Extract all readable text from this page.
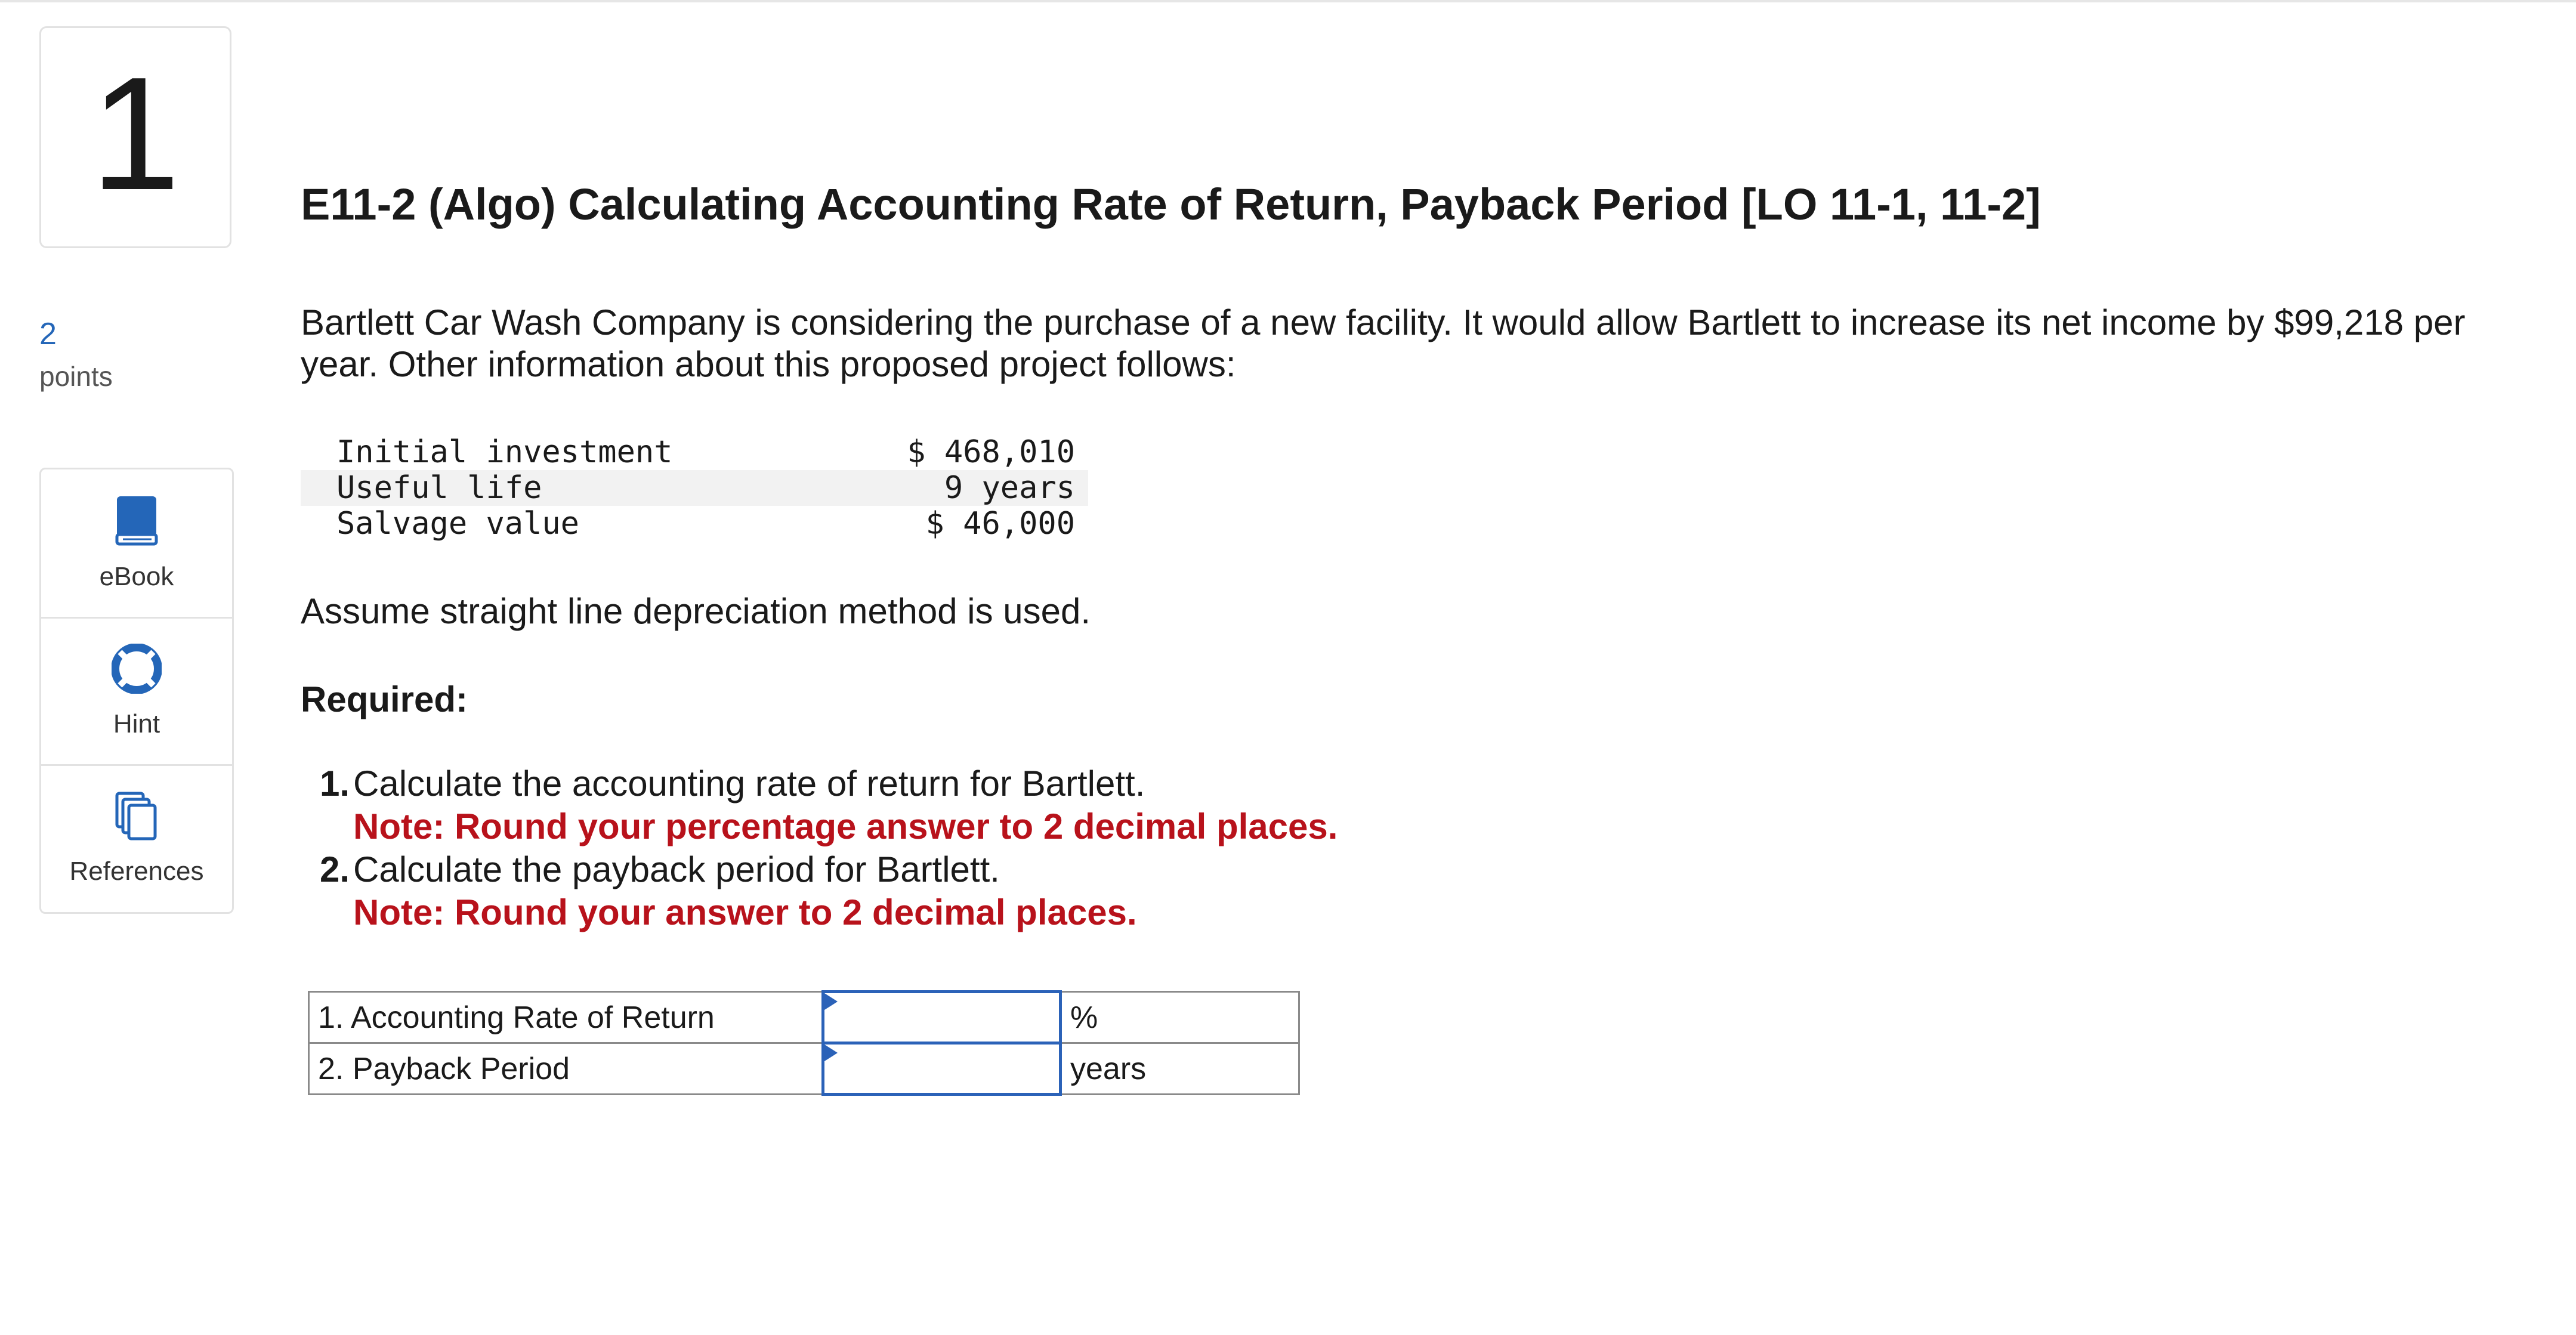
1
2
points
eBook
Hint
References
E11-2 (Algo) Calculating Accounting Rate of Return, Payback Period [LO 11-1, 11-2]
Bartlett Car Wash Company is considering the purchase of a new facility. It would allow Bartlett to increase its net income by $99,218 per year. Other information about this proposed project follows:
Initial investment	$ 468,010
Useful life	9 years
Salvage value	$ 46,000
Assume straight line depreciation method is used.
Required:
1. Calculate the accounting rate of return for Bartlett.
Note: Round your percentage answer to 2 decimal places.
2. Calculate the payback period for Bartlett.
Note: Round your answer to 2 decimal places.
1. Accounting Rate of Return		%
2. Payback Period		years
